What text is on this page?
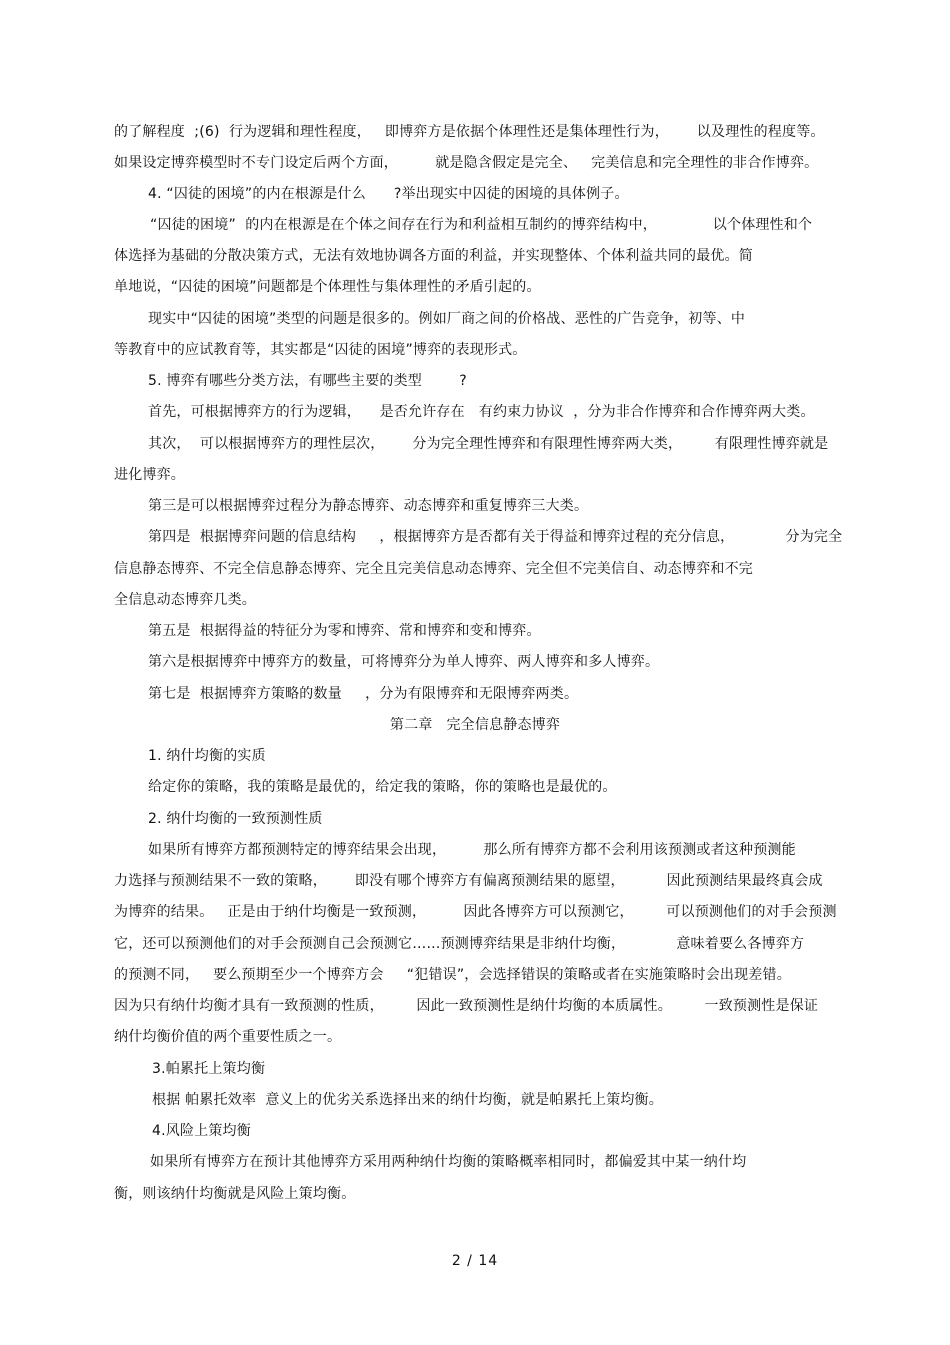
的了解程度  ;(6)  行为逻辑和理性程度，   即博弈方是依据个体理性还是集体理性行为，      以及理性的程度等。
如果设定博弈模型时不专门设定后两个方面，        就是隐含假定是完全、   完美信息和完全理性的非合作博弈。
4. “囚徒的困境”的内在根源是什么      ?举出现实中囚徒的困境的具体例子。
“囚徒的困境”  的内在根源是在个体之间存在行为和利益相互制约的博弈结构中，            以个体理性和个
体选择为基础的分散决策方式，无法有效地协调各方面的利益，并实现整体、个体利益共同的最优。简
单地说，“囚徒的困境”问题都是个体理性与集体理性的矛盾引起的。
现实中“囚徒的困境”类型的问题是很多的。例如厂商之间的价格战、恶性的广告竞争，初等、中
等教育中的应试教育等，其实都是“囚徒的困境”博弈的表现形式。
5. 博弈有哪些分类方法，有哪些主要的类型        ?
首先，可根据博弈方的行为逻辑，    是否允许存在   有约束力协议  ，分为非合作博弈和合作博弈两大类。
其次，  可以根据博弈方的理性层次，      分为完全理性博弈和有限理性博弈两大类，       有限理性博弈就是
进化博弈。
第三是可以根据博弈过程分为静态博弈、动态博弈和重复博弈三大类。
第四是  根据博弈问题的信息结构     ，根据博弈方是否都有关于得益和博弈过程的充分信息，           分为完全
信息静态博弈、不完全信息静态博弈、完全且完美信息动态博弈、完全但不完美信自、动态博弈和不完
全信息动态博弈几类。
第五是  根据得益的特征分为零和博弈、常和博弈和变和博弈。
第六是根据博弈中博弈方的数量，可将博弈分为单人博弈、两人博弈和多人博弈。
第七是  根据博弈方策略的数量     ，分为有限博弈和无限博弈两类。
第二章   完全信息静态博弈
1. 纳什均衡的实质
给定你的策略，我的策略是最优的，给定我的策略，你的策略也是最优的。
2. 纳什均衡的一致预测性质
如果所有博弈方都预测特定的博弈结果会出现，        那么所有博弈方都不会利用该预测或者这种预测能
力选择与预测结果不一致的策略，      即没有哪个博弈方有偏离预测结果的愿望，         因此预测结果最终真会成
为博弈的结果。   正是由于纳什均衡是一致预测，        因此各博弈方可以预测它，       可以预测他们的对手会预测
它，还可以预测他们的对手会预测自己会预测它……预测博弈结果是非纳什均衡，           意味着要么各博弈方
的预测不同，   要么预期至少一个博弈方会     “犯错误”，会选择错误的策略或者在实施策略时会出现差错。
因为只有纳什均衡才具有一致预测的性质，       因此一致预测性是纳什均衡的本质属性。       一致预测性是保证
纳什均衡价值的两个重要性质之一。
3.帕累托上策均衡
根据 帕累托效率  意义上的优劣关系选择出来的纳什均衡，就是帕累托上策均衡。
4.风险上策均衡
如果所有博弈方在预计其他博弈方采用两种纳什均衡的策略概率相同时，都偏爱其中某一纳什均
衡，则该纳什均衡就是风险上策均衡。
2 / 14
